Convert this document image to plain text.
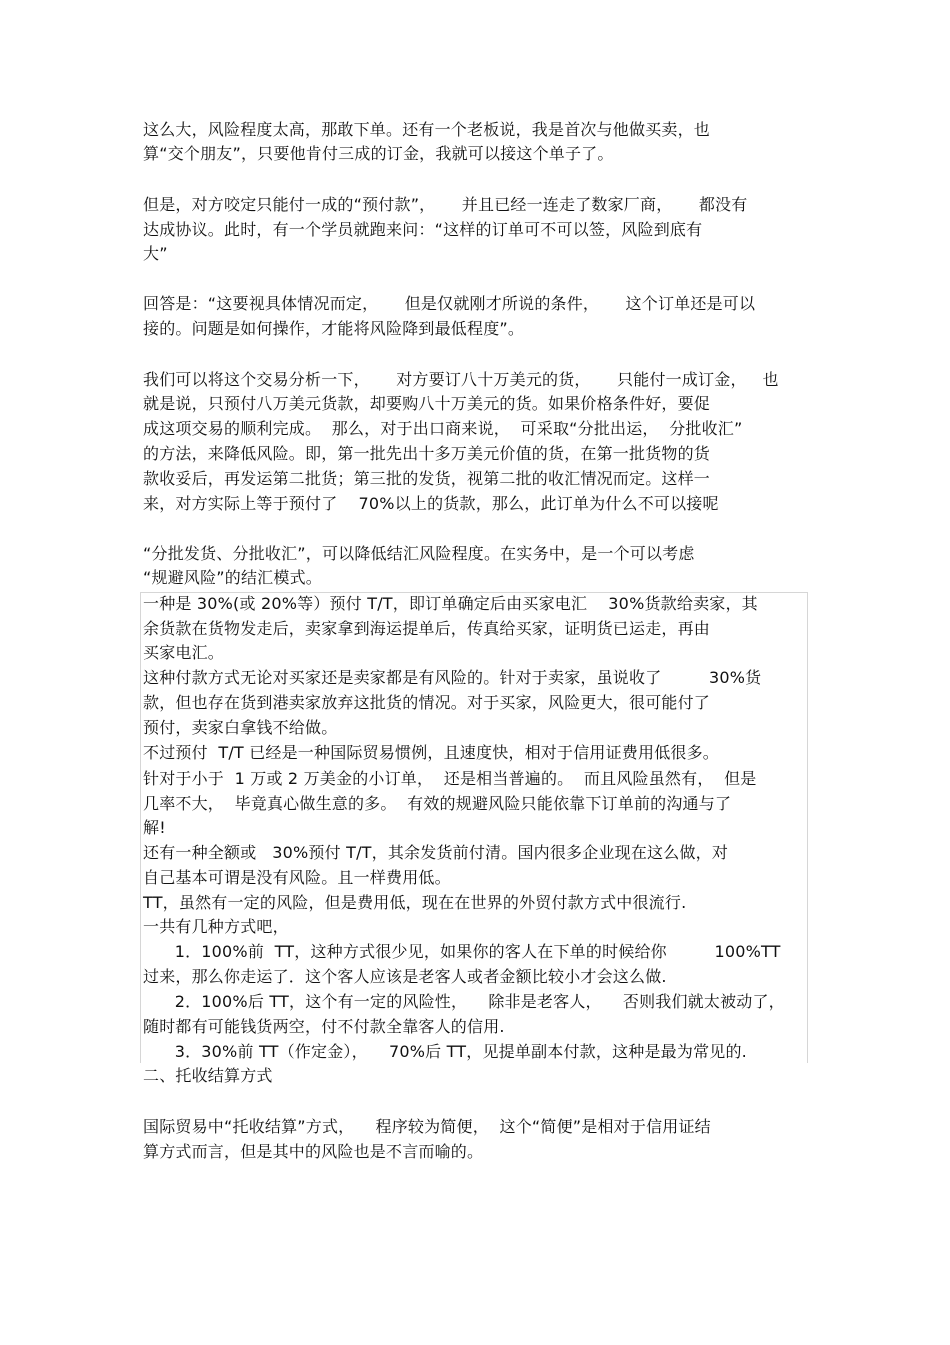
这么大，风险程度太高，那敢下单。还有一个老板说，我是首次与他做买卖，也
算“交个朋友”，只要他肯付三成的订金，我就可以接这个单子了。
但是，对方咬定只能付一成的“预付款”，     并且已经一连走了数家厂商，     都没有
达成协议。此时，有一个学员就跑来问：“这样的订单可不可以签，风险到底有
大”
回答是：“这要视具体情况而定，     但是仅就刚才所说的条件，     这个订单还是可以
接的。问题是如何操作，才能将风险降到最低程度”。
我们可以将这个交易分析一下，     对方要订八十万美元的货，     只能付一成订金，   也
就是说，只预付八万美元货款，却要购八十万美元的货。如果价格条件好，要促
成这项交易的顺利完成。  那么，对于出口商来说，  可采取“分批出运，  分批收汇”
的方法，来降低风险。即，第一批先出十多万美元价值的货，在第一批货物的货
款收妥后，再发运第二批货；第三批的发货，视第二批的收汇情况而定。这样一
来，对方实际上等于预付了    70%以上的货款，那么，此订单为什么不可以接呢
“分批发货、分批收汇”，可以降低结汇风险程度。在实务中，是一个可以考虑
“规避风险”的结汇模式。
一种是 30%(或 20%等）预付 T/T，即订单确定后由买家电汇    30%货款给卖家，其
余货款在货物发走后，卖家拿到海运提单后，传真给买家，证明货已运走，再由
买家电汇。
这种付款方式无论对买家还是卖家都是有风险的。针对于卖家，虽说收了         30%货
款，但也存在货到港卖家放弃这批货的情况。对于买家，风险更大，很可能付了
预付，卖家白拿钱不给做。
不过预付  T/T 已经是一种国际贸易惯例，且速度快，相对于信用证费用低很多。
针对于小于  1 万或 2 万美金的小订单，  还是相当普遍的。  而且风险虽然有，  但是
几率不大，  毕竟真心做生意的多。  有效的规避风险只能依靠下订单前的沟通与了
解!
还有一种全额或   30%预付 T/T，其余发货前付清。国内很多企业现在这么做，对
自己基本可谓是没有风险。且一样费用低。
TT，虽然有一定的风险，但是费用低，现在在世界的外贸付款方式中很流行.
一共有几种方式吧，
1．100%前  TT，这种方式很少见，如果你的客人在下单的时候给你         100%TT
过来，那么你走运了．这个客人应该是老客人或者金额比较小才会这么做.
2．100%后 TT，这个有一定的风险性，    除非是老客人，    否则我们就太被动了，
随时都有可能钱货两空，付不付款全靠客人的信用.
3．30%前 TT（作定金），    70%后 TT，见提单副本付款，这种是最为常见的.
二、托收结算方式
国际贸易中“托收结算”方式，    程序较为简便，  这个“简便”是相对于信用证结
算方式而言，但是其中的风险也是不言而喻的。
